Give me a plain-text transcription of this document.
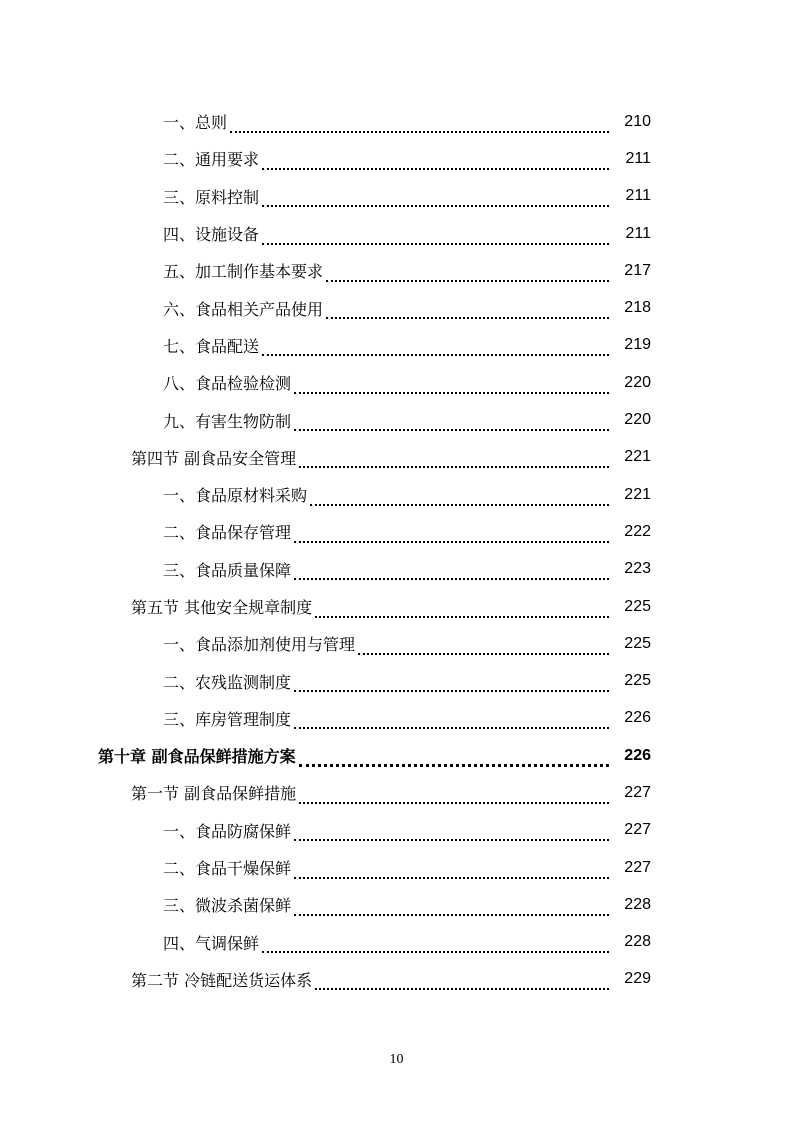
一、总则	210
二、通用要求	211
三、原料控制	211
四、设施设备	211
五、加工制作基本要求	217
六、食品相关产品使用	218
七、食品配送	219
八、食品检验检测	220
九、有害生物防制	220
第四节 副食品安全管理	221
一、食品原材料采购	221
二、食品保存管理	222
三、食品质量保障	223
第五节 其他安全规章制度	225
一、食品添加剂使用与管理	225
二、农残监测制度	225
三、库房管理制度	226
第十章 副食品保鲜措施方案	226
第一节 副食品保鲜措施	227
一、食品防腐保鲜	227
二、食品干燥保鲜	227
三、微波杀菌保鲜	228
四、气调保鲜	228
第二节 冷链配送货运体系	229
10
